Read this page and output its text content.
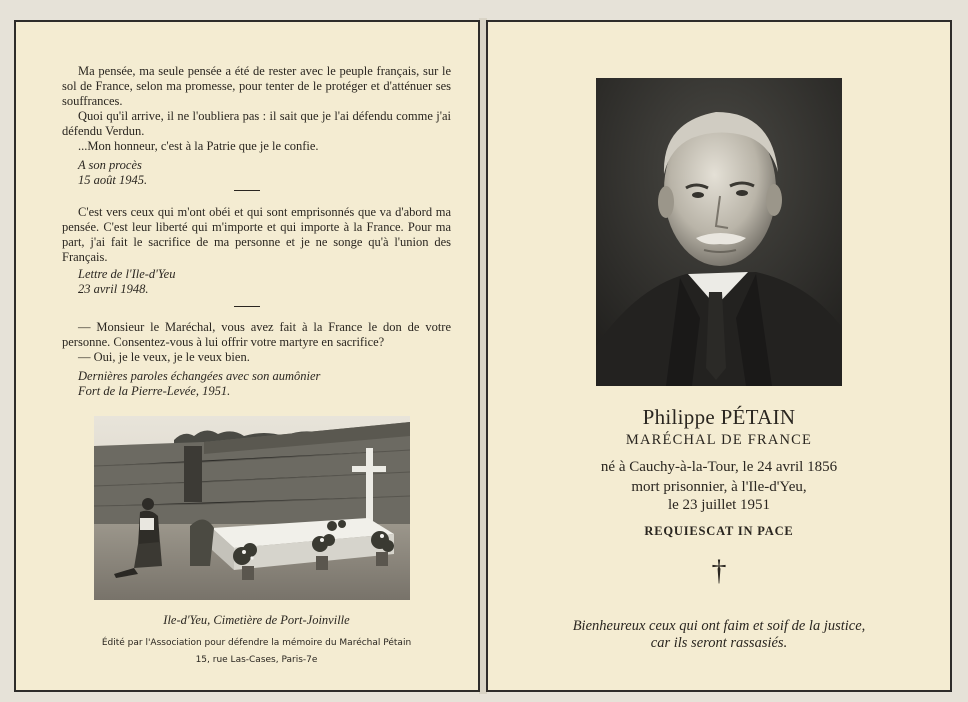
Ma pensée, ma seule pensée a été de rester avec le peuple français, sur le sol de France, selon ma promesse, pour tenter de le protéger et d'atténuer ses souffrances.

Quoi qu'il arrive, il ne l'oubliera pas : il sait que je l'ai défendu comme j'ai défendu Verdun.

...Mon honneur, c'est à la Patrie que je le confie.

A son procès

15 août 1945.

C'est vers ceux qui m'ont obéi et qui sont emprisonnés que va d'abord ma pensée. C'est leur liberté qui m'importe et qui importe à la France. Pour ma part, j'ai fait le sacrifice de ma personne et je ne songe qu'à l'union des Français.

Lettre de l'Ile-d'Yeu

23 avril 1948.

— Monsieur le Maréchal, vous avez fait à la France le don de votre personne. Consentez-vous à lui offrir votre martyre en sacrifice?

— Oui, je le veux, je le veux bien.

Dernières paroles échangées avec son aumônier

Fort de la Pierre-Levée, 1951.

Ile-d'Yeu, Cimetière de Port-Joinville
Édité par l'Association pour défendre la mémoire du Maréchal Pétain
15, rue Las-Cases, Paris-7e
Philippe PÉTAIN
MARÉCHAL DE FRANCE
né à Cauchy-à-la-Tour, le 24 avril 1856
mort prisonnier, à l'Ile-d'Yeu,
le 23 juillet 1951
REQUIESCAT IN PACE
†
Bienheureux ceux qui ont faim et soif de la justice,
car ils seront rassasiés.
